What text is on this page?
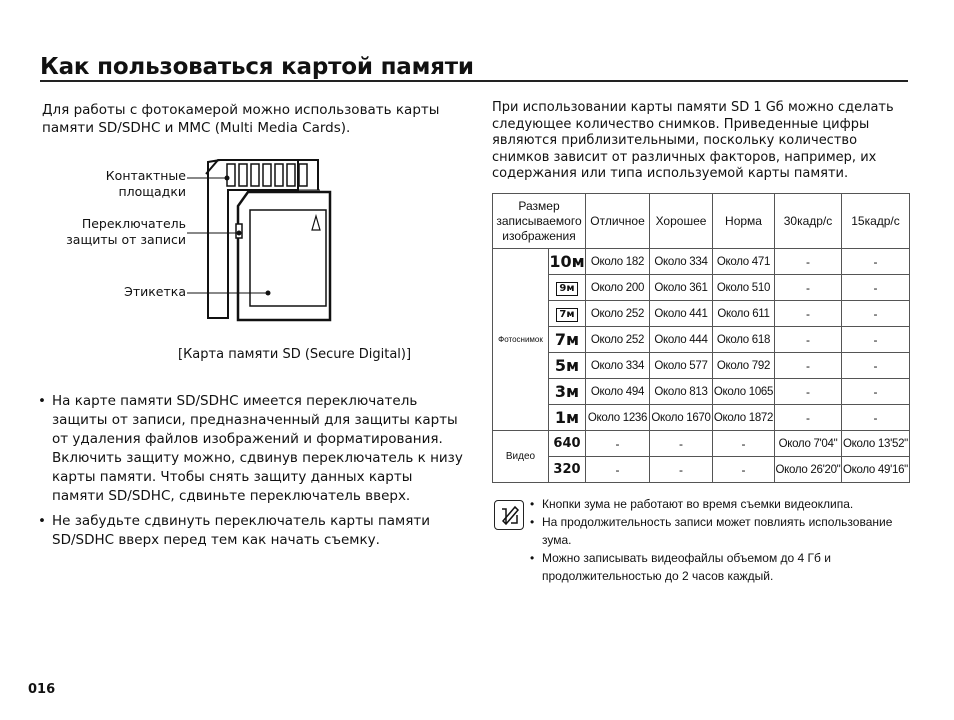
Как пользоваться картой памяти
Для работы с фотокамерой можно использовать карты памяти SD/SDHC и MMC (Multi Media Cards).
Контактные площадки
Переключатель защиты от записи
Этикетка
[Карта памяти SD (Secure Digital)]
• На карте памяти SD/SDHC имеется переключатель защиты от записи, предназначенный для защиты карты от удаления файлов изображений и форматирования. Включить защиту можно, сдвинув переключатель к низу карты памяти. Чтобы снять защиту данных карты памяти SD/SDHC, сдвиньте переключатель вверх.
• Не забудьте сдвинуть переключатель карты памяти SD/SDHC вверх перед тем как начать съемку.
При использовании карты памяти SD 1 Gб можно сделать следующее количество снимков. Приведенные цифры являются приблизительными, поскольку количество снимков зависит от различных факторов, например, их содержания или типа используемой карты памяти.
Размер записываемого изображения		Отличное	Хорошее	Норма	30кадр/с	15кадр/с
Фотоснимок	10м	Около 182	Около 334	Около 471	-	-
	9м	Около 200	Около 361	Около 510	-	-
	7м	Около 252	Около 441	Около 611	-	-
	7м	Около 252	Около 444	Около 618	-	-
	5м	Около 334	Около 577	Около 792	-	-
	3м	Около 494	Около 813	Около 1065	-	-
	1м	Около 1236	Около 1670	Около 1872	-	-
Видео	640	-	-	-	Около 7'04"	Около 13'52"
	320	-	-	-	Около 26'20"	Около 49'16"
• Кнопки зума не работают во время съемки видеоклипа.
• На продолжительность записи может повлиять использование зума.
• Можно записывать видеофайлы объемом до 4 Гб и продолжительностью до 2 часов каждый.
016
